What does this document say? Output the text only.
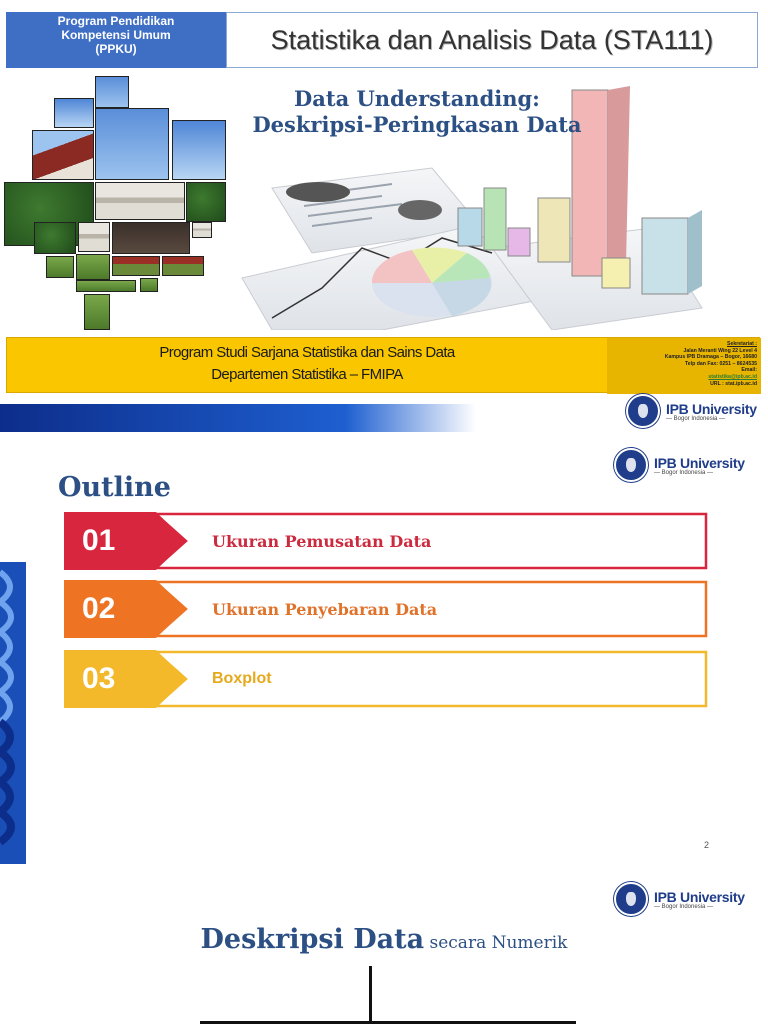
Program Pendidikan
Kompetensi Umum
(PPKU)	Statistika dan Analisis Data (STA111)
Data Understanding:
Deskripsi-Peringkasan Data
Program Studi Sarjana Statistika dan Sains Data
Departemen Statistika – FMIPA
Sekretariat :
Jalan Meranti Wing 22 Level 4
Kampus IPB Dramaga – Bogor, 16680
Telp dan Fax: 0251 – 8624535
Email:
statistika@ipb.ac.id
URL : stat.ipb.ac.id
IPB University
— Bogor Indonesia —
IPB University
— Bogor Indonesia —
Outline
01	Ukuran Pemusatan Data
02	Ukuran Penyebaran Data
03	Boxplot
2
IPB University
— Bogor Indonesia —
Deskripsi Data secara Numerik
